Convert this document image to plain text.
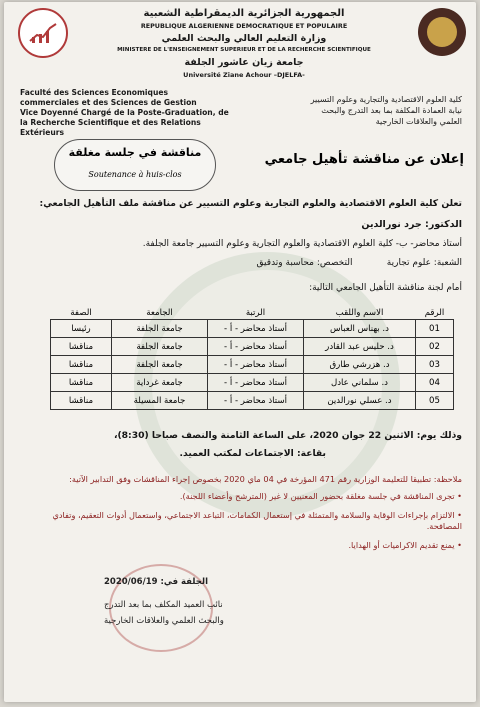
الجمهورية الجزائرية الديمقراطية الشعبية
REPUBLIQUE ALGERIENNE DEMOCRATIQUE ET POPULAIRE
وزارة التعليم العالي والبحث العلمي
MINISTERE DE L'ENSEIGNEMENT SUPERIEUR ET DE LA RECHERCHE SCIENTIFIQUE
جامعة زيان عاشور الجلفة
Université Ziane Achour –DJELFA-
Faculté des Sciences Economiques
commerciales et des Sciences de Gestion
Vice Doyenné Chargé de la Poste-Graduation, de
la Recherche Scientifique et des Relations
Extérieurs
كلية العلوم الاقتصادية والتجارية وعلوم التسيير
نيابة العمادة المكلفة بما بعد التدرج والبحث
العلمي والعلاقات الخارجية
مناقشة في جلسة مغلقة
Soutenance à huis-clos
إعلان عن مناقشة تأهيل جامعي
تعلن كلية العلوم الاقتصادية والعلوم التجارية وعلوم التسيير عن مناقشة ملف التأهيل الجامعي:
الدكتور: جرد نورالدين
أستاذ محاضر- ب- كلية العلوم الاقتصادية والعلوم التجارية وعلوم التسيير جامعة الجلفة.
الشعبة: علوم تجارية            التخصص: محاسبة وتدقيق
أمام لجنة مناقشة التأهيل الجامعي التالية:
الرقم	الاسم واللقب	الرتبة	الجامعة	الصفة
01	د. بهناس العباس	أستاذ محاضر - أ -	جامعة الجلفة	رئيسا
02	د. حليس عبد القادر	أستاذ محاضر - أ -	جامعة الجلفة	مناقشا
03	د. هزرشي طارق	أستاذ محاضر - أ -	جامعة الجلفة	مناقشا
04	د. سلماني عادل	أستاذ محاضر - أ -	جامعة غرداية	مناقشا
05	د. عسلي نورالدين	أستاذ محاضر - أ -	جامعة المسيلة	مناقشا
وذلك يوم: الاثنين 22 جوان 2020، على الساعة الثامنة والنصف صباحا (8:30)،
بقاعة: الاجتماعات لمكتب العميد.
ملاحظة: تطبيقا للتعليمة الوزارية رقم 471 المؤرخة في 04 ماي 2020 بخصوص إجراء المناقشات وفق التدابير الآتية:
• تجرى المناقشة في جلسة مغلقة بحضور المعنيين لا غير (المترشح وأعضاء اللجنة).
• الالتزام بإجراءات الوقاية والسلامة والمتمثلة في إستعمال الكمامات، التباعد الاجتماعي، واستعمال أدوات التعقيم، وتفادي المصافحة.
• يمنع تقديم الاكراميات أو الهدايا.
الجلفة في: 2020/06/19
نائب العميد المكلف بما بعد التدرج
والبحث العلمي والعلاقات الخارجية
